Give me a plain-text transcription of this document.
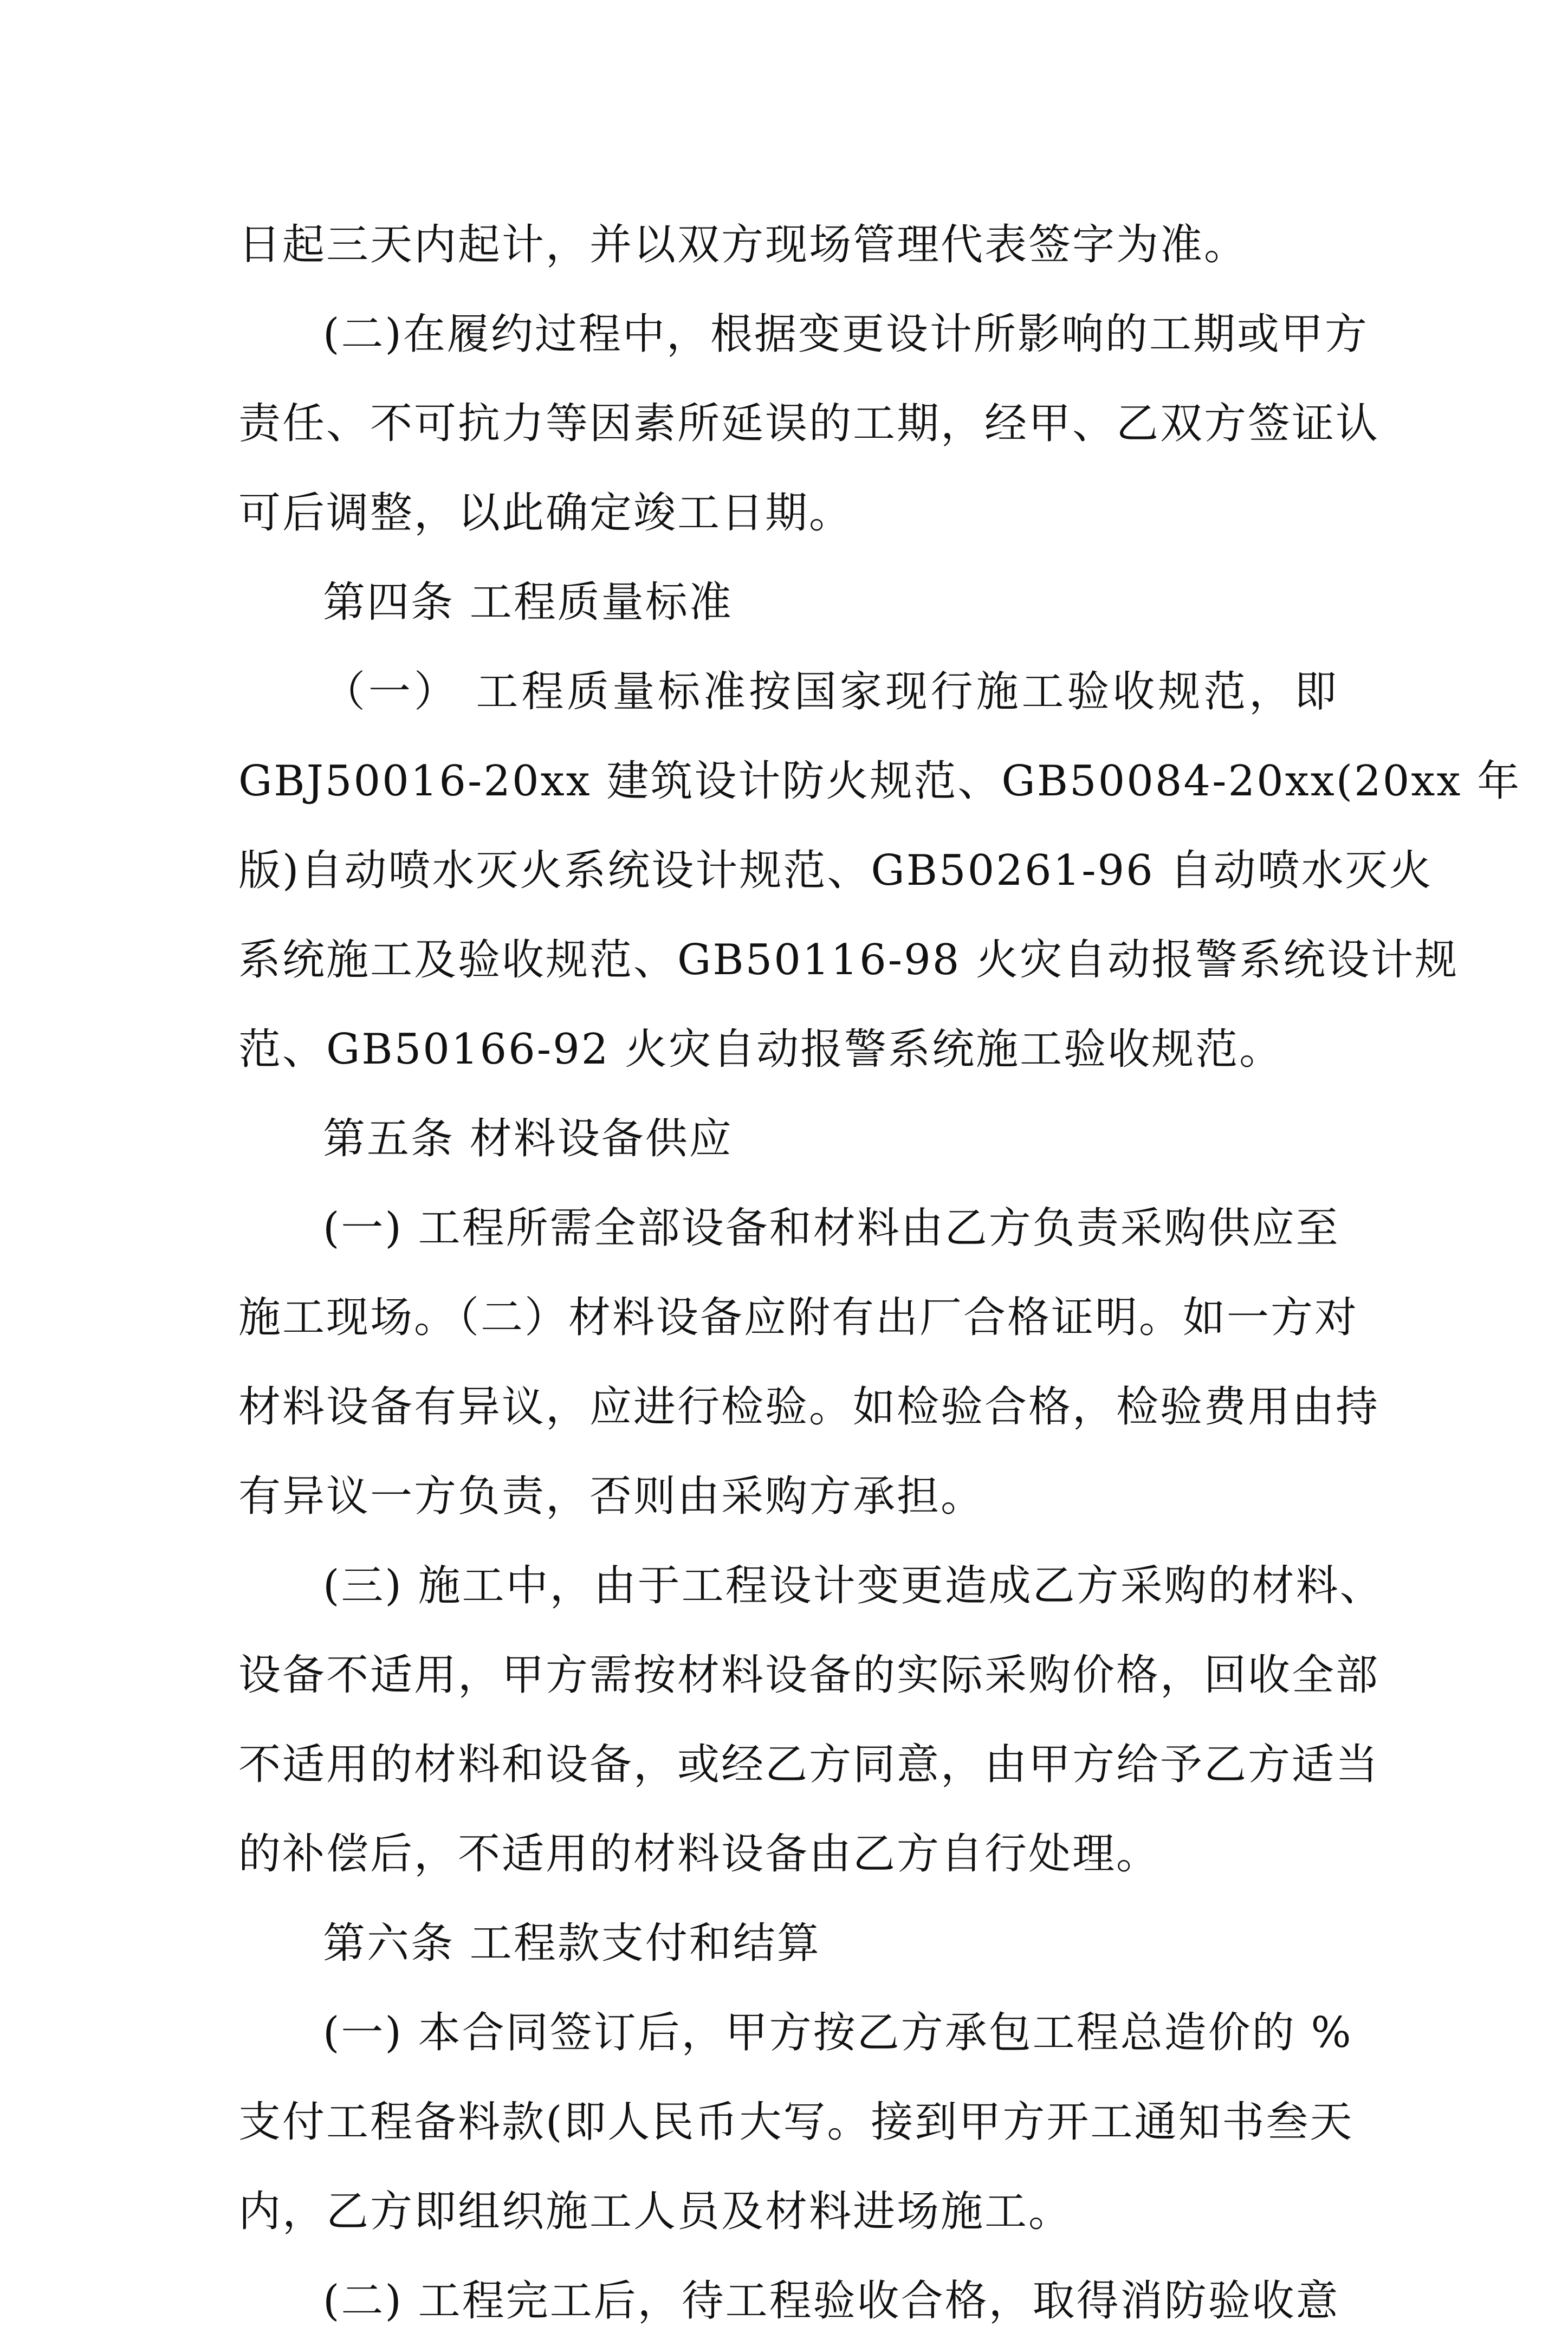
日起三天内起计，并以双方现场管理代表签字为准。
(二)在履约过程中，根据变更设计所影响的工期或甲方
责任、不可抗力等因素所延误的工期，经甲、乙双方签证认
可后调整，以此确定竣工日期。
第四条 工程质量标准
（一） 工程质量标准按国家现行施工验收规范，即
GBJ50016-20xx 建筑设计防火规范、GB50084-20xx(20xx 年
版)自动喷水灭火系统设计规范、GB50261-96 自动喷水灭火
系统施工及验收规范、GB50116-98 火灾自动报警系统设计规
范、GB50166-92 火灾自动报警系统施工验收规范。
第五条 材料设备供应
(一) 工程所需全部设备和材料由乙方负责采购供应至
施工现场。（二）材料设备应附有出厂合格证明。如一方对
材料设备有异议，应进行检验。如检验合格，检验费用由持
有异议一方负责，否则由采购方承担。
(三) 施工中，由于工程设计变更造成乙方采购的材料、
设备不适用，甲方需按材料设备的实际采购价格，回收全部
不适用的材料和设备，或经乙方同意，由甲方给予乙方适当
的补偿后，不适用的材料设备由乙方自行处理。
第六条 工程款支付和结算
(一) 本合同签订后，甲方按乙方承包工程总造价的 %
支付工程备料款(即人民币大写。接到甲方开工通知书叁天
内，乙方即组织施工人员及材料进场施工。
(二) 工程完工后，待工程验收合格，取得消防验收意
